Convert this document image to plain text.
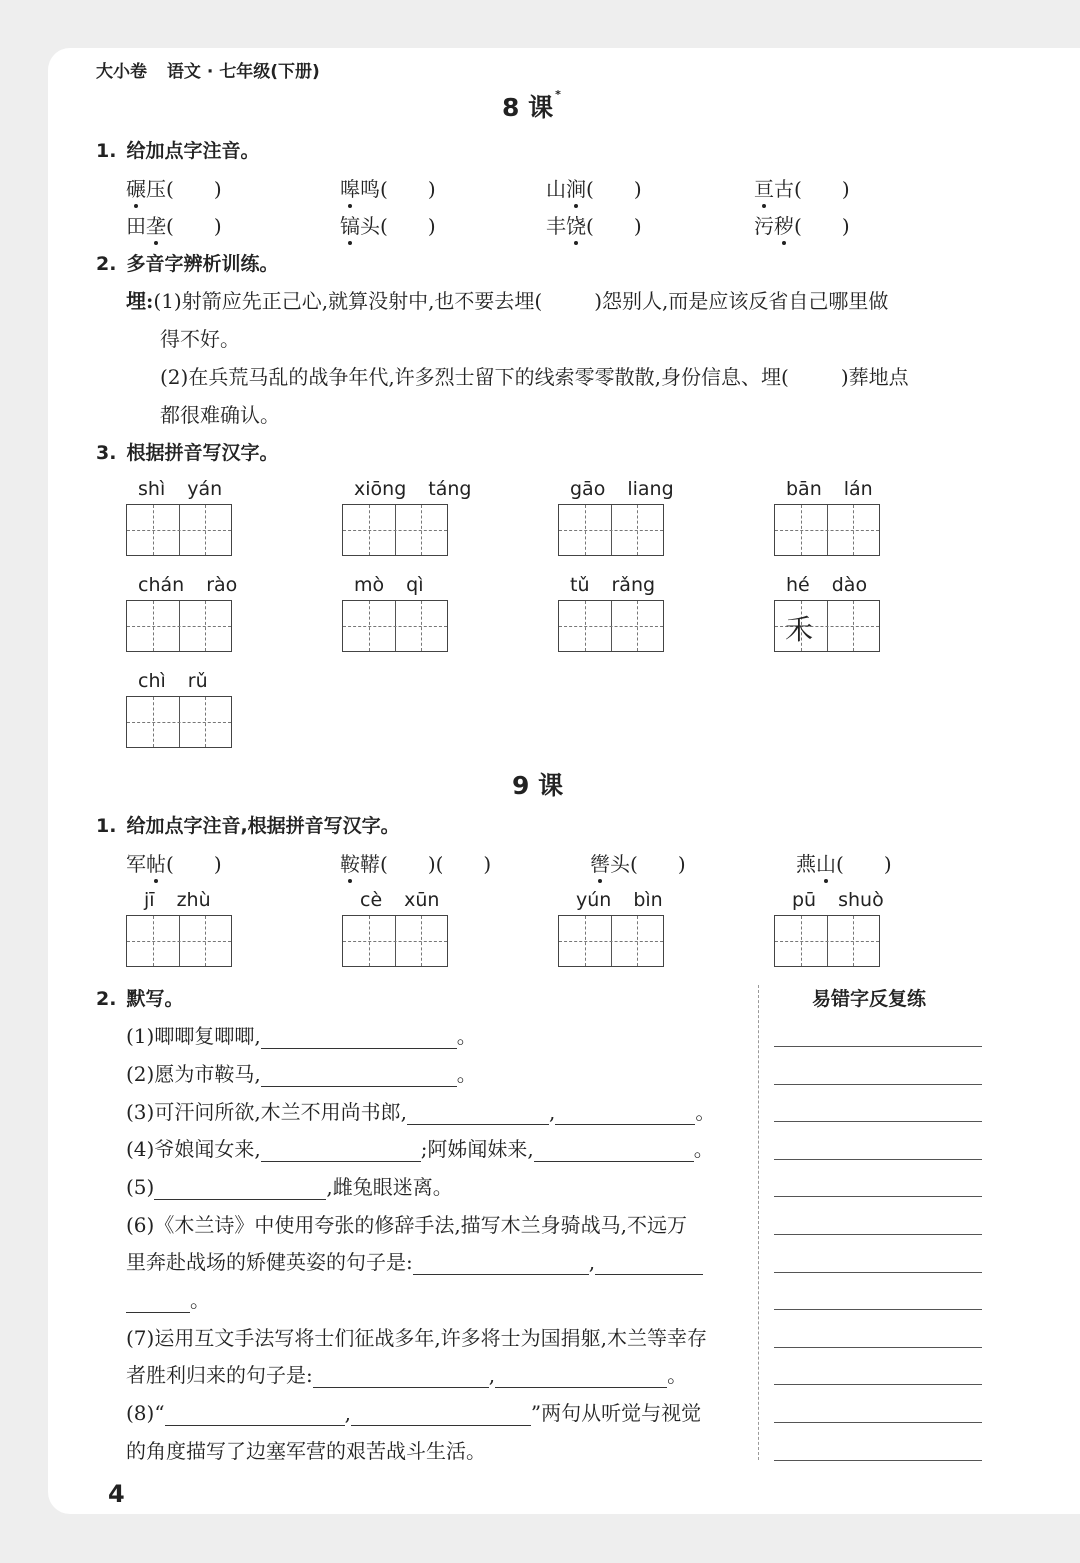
大小卷 语文 · 七年级(下册)
8 课 *
1. 给加点字注音。
2. 多音字辨析训练。
埋:(1)射箭应先正己心,就算没射中,也不要去埋(	)怨别人,而是应该反省自己哪里做
得不好。
(2)在兵荒马乱的战争年代,许多烈士留下的线索零零散散,身份信息、埋(	)葬地点
都很难确认。
3. 根据拼音写汉字。
9 课
1. 给加点字注音,根据拼音写汉字。
2. 默写。
(1)唧唧复唧唧,	。
(2)愿为市鞍马,	。
(3)可汗问所欲,木兰不用尚书郎,	,	。
(4)爷娘闻女来,	;阿姊闻妹来,	。
(5)	,雌兔眼迷离。
(6)《木兰诗》中使用夸张的修辞手法,描写木兰身骑战马,不远万
里奔赴战场的矫健英姿的句子是:	,
。
(7)运用互文手法写将士们征战多年,许多将士为国捐躯,木兰等幸存
者胜利归来的句子是:	,	。
(8)“	,	”两句从听觉与视觉
的角度描写了边塞军营的艰苦战斗生活。
易错字反复练
4
碾压( )	嗥鸣( )	山涧( )	亘古( )
田垄( )	镐头( )	丰饶( )	污秽( )
shì yán	xiōng táng	gāo liang	bān lán
chán rào	mò qì	tǔ rǎng	hé dào
禾
chì rǔ
军帖( )	鞍鞯( )( )	辔头( )	燕山( )
jī zhù	cè xūn	yún bìn	pū shuò
